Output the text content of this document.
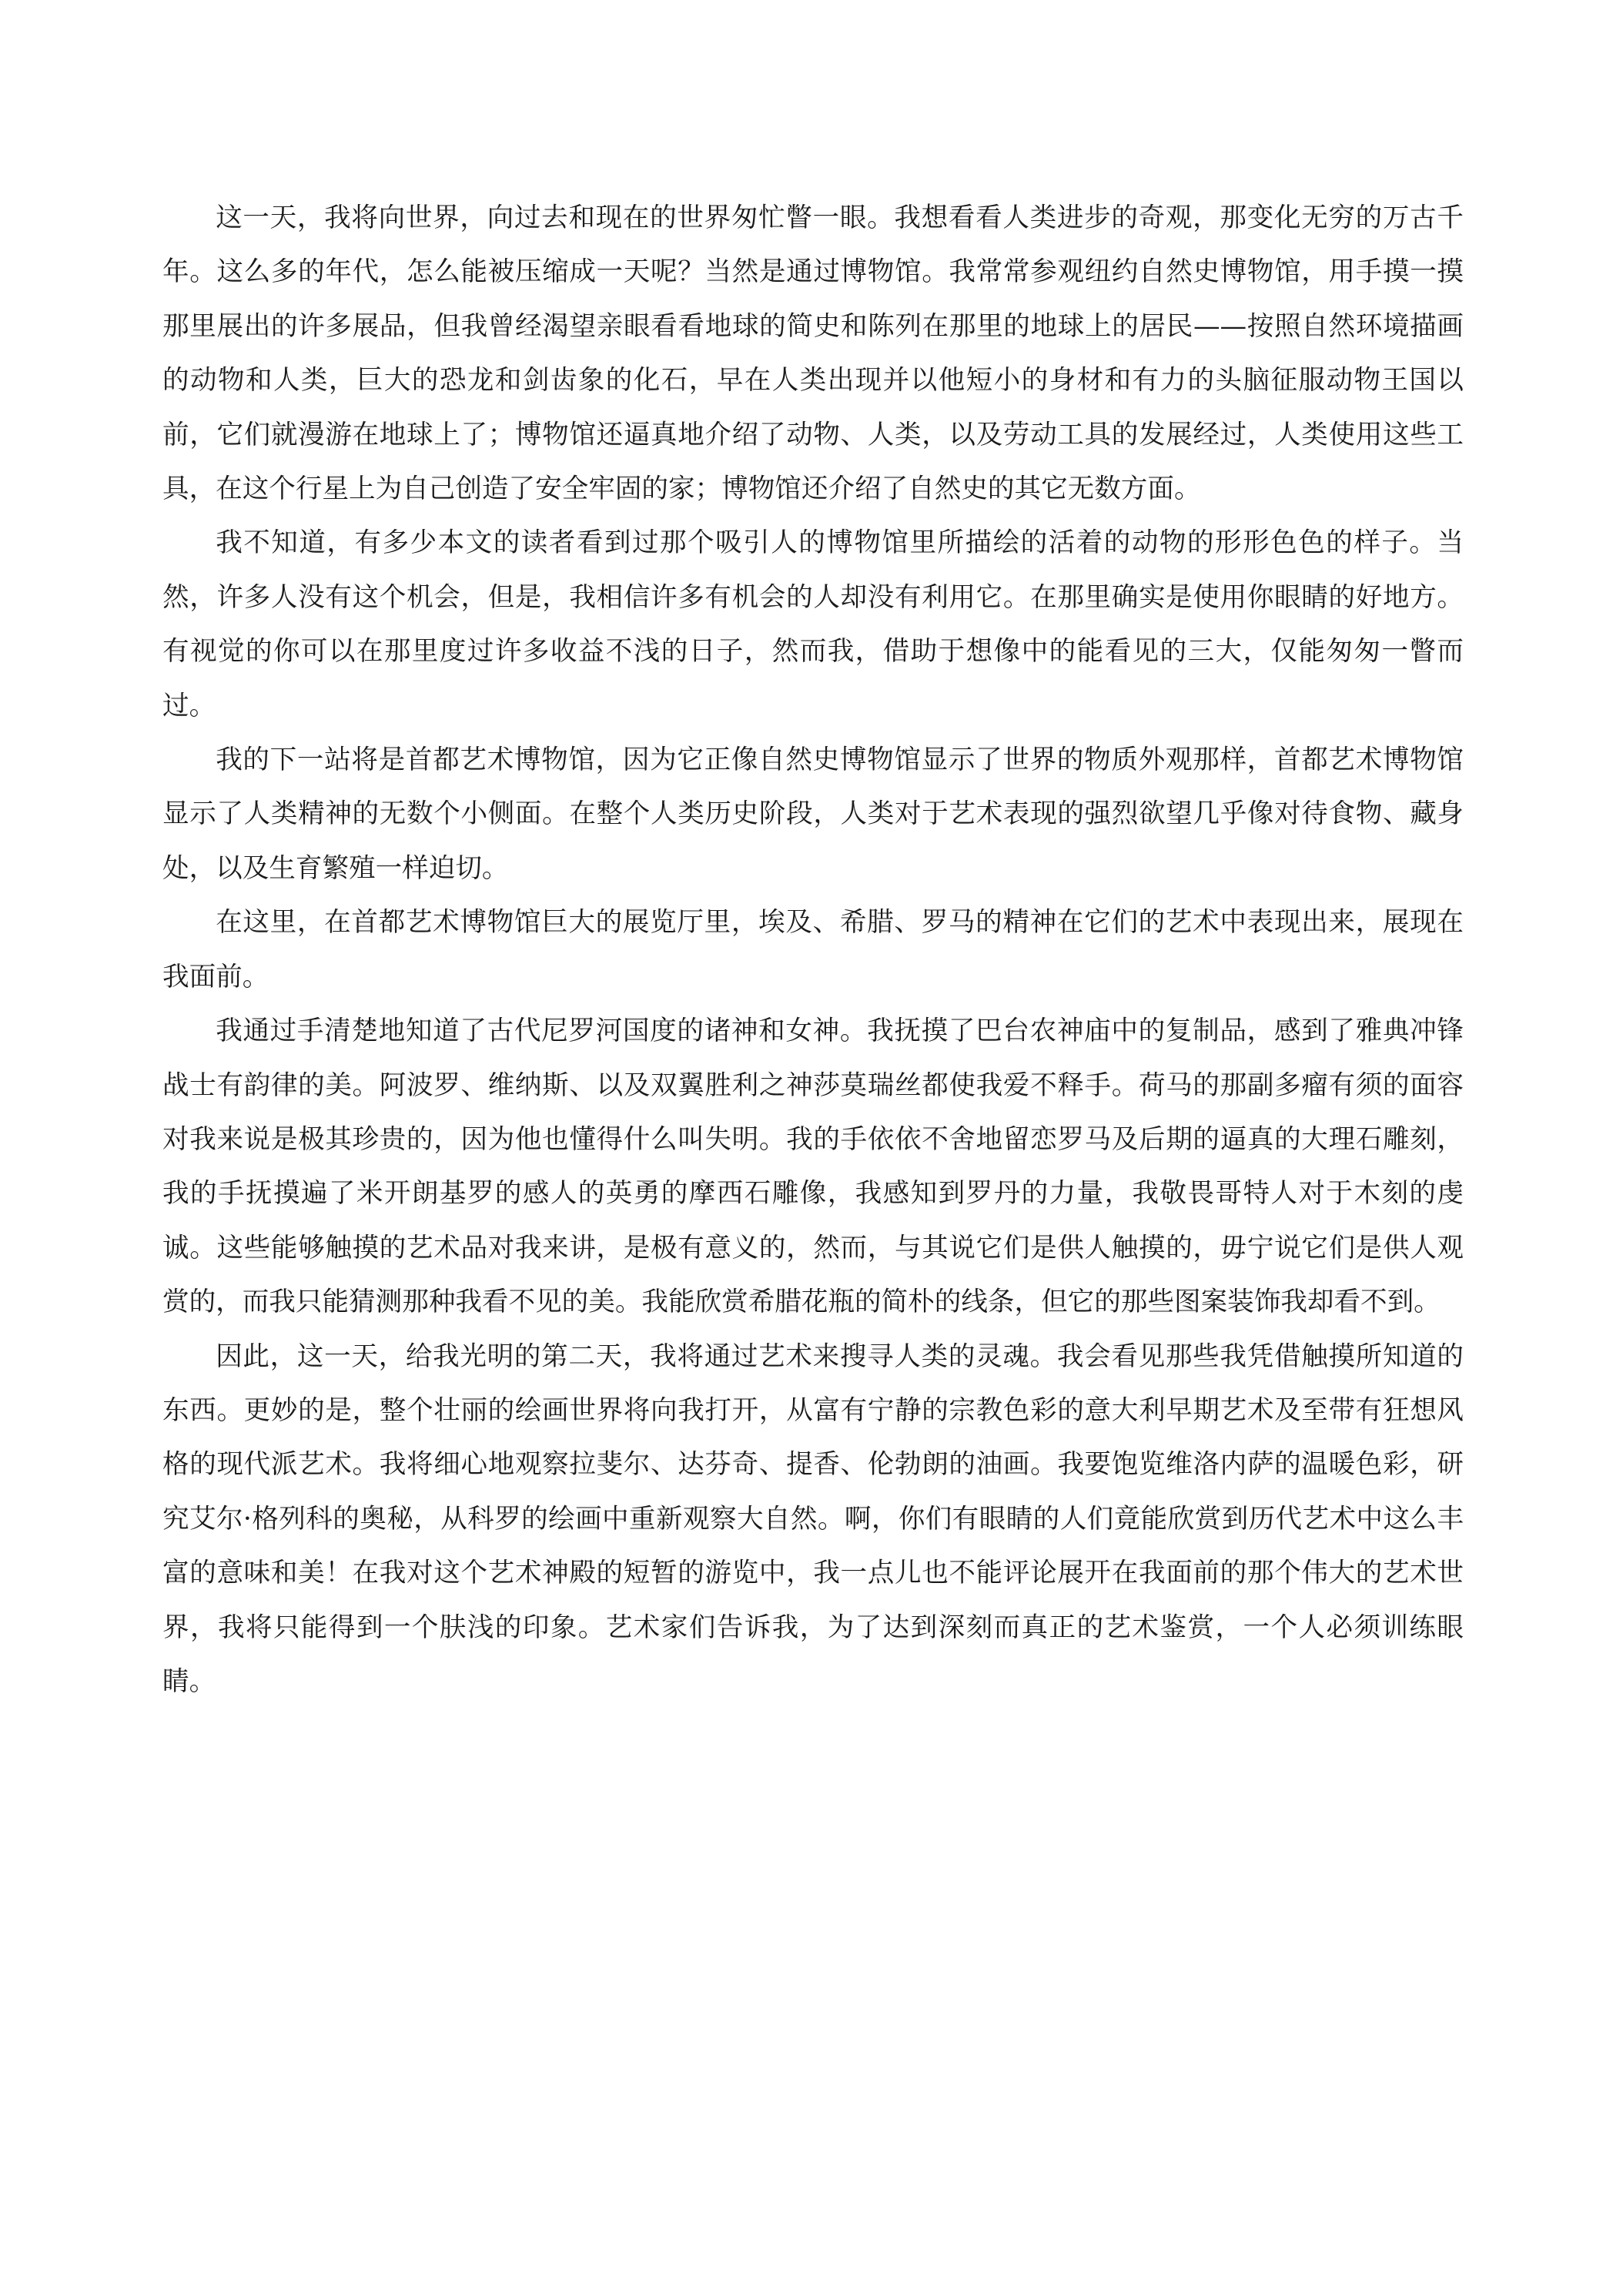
这一天，我将向世界，向过去和现在的世界匆忙瞥一眼。我想看看人类进步的奇观，那变化无穷的万古千年。这么多的年代，怎么能被压缩成一天呢？当然是通过博物馆。我常常参观纽约自然史博物馆，用手摸一摸那里展出的许多展品，但我曾经渴望亲眼看看地球的简史和陈列在那里的地球上的居民——按照自然环境描画的动物和人类，巨大的恐龙和剑齿象的化石，早在人类出现并以他短小的身材和有力的头脑征服动物王国以前，它们就漫游在地球上了；博物馆还逼真地介绍了动物、人类，以及劳动工具的发展经过，人类使用这些工具，在这个行星上为自己创造了安全牢固的家；博物馆还介绍了自然史的其它无数方面。

我不知道，有多少本文的读者看到过那个吸引人的博物馆里所描绘的活着的动物的形形色色的样子。当然，许多人没有这个机会，但是，我相信许多有机会的人却没有利用它。在那里确实是使用你眼睛的好地方。有视觉的你可以在那里度过许多收益不浅的日子，然而我，借助于想像中的能看见的三大，仅能匆匆一瞥而过。

我的下一站将是首都艺术博物馆，因为它正像自然史博物馆显示了世界的物质外观那样，首都艺术博物馆显示了人类精神的无数个小侧面。在整个人类历史阶段，人类对于艺术表现的强烈欲望几乎像对待食物、藏身处，以及生育繁殖一样迫切。

在这里，在首都艺术博物馆巨大的展览厅里，埃及、希腊、罗马的精神在它们的艺术中表现出来，展现在我面前。

我通过手清楚地知道了古代尼罗河国度的诸神和女神。我抚摸了巴台农神庙中的复制品，感到了雅典冲锋战士有韵律的美。阿波罗、维纳斯、以及双翼胜利之神莎莫瑞丝都使我爱不释手。荷马的那副多瘤有须的面容对我来说是极其珍贵的，因为他也懂得什么叫失明。我的手依依不舍地留恋罗马及后期的逼真的大理石雕刻，我的手抚摸遍了米开朗基罗的感人的英勇的摩西石雕像，我感知到罗丹的力量，我敬畏哥特人对于木刻的虔诚。这些能够触摸的艺术品对我来讲，是极有意义的，然而，与其说它们是供人触摸的，毋宁说它们是供人观赏的，而我只能猜测那种我看不见的美。我能欣赏希腊花瓶的简朴的线条，但它的那些图案装饰我却看不到。

因此，这一天，给我光明的第二天，我将通过艺术来搜寻人类的灵魂。我会看见那些我凭借触摸所知道的东西。更妙的是，整个壮丽的绘画世界将向我打开，从富有宁静的宗教色彩的意大利早期艺术及至带有狂想风格的现代派艺术。我将细心地观察拉斐尔、达芬奇、提香、伦勃朗的油画。我要饱览维洛内萨的温暖色彩，研究艾尔·格列科的奥秘，从科罗的绘画中重新观察大自然。啊，你们有眼睛的人们竟能欣赏到历代艺术中这么丰富的意味和美！在我对这个艺术神殿的短暂的游览中，我一点儿也不能评论展开在我面前的那个伟大的艺术世界，我将只能得到一个肤浅的印象。艺术家们告诉我，为了达到深刻而真正的艺术鉴赏，一个人必须训练眼睛。
